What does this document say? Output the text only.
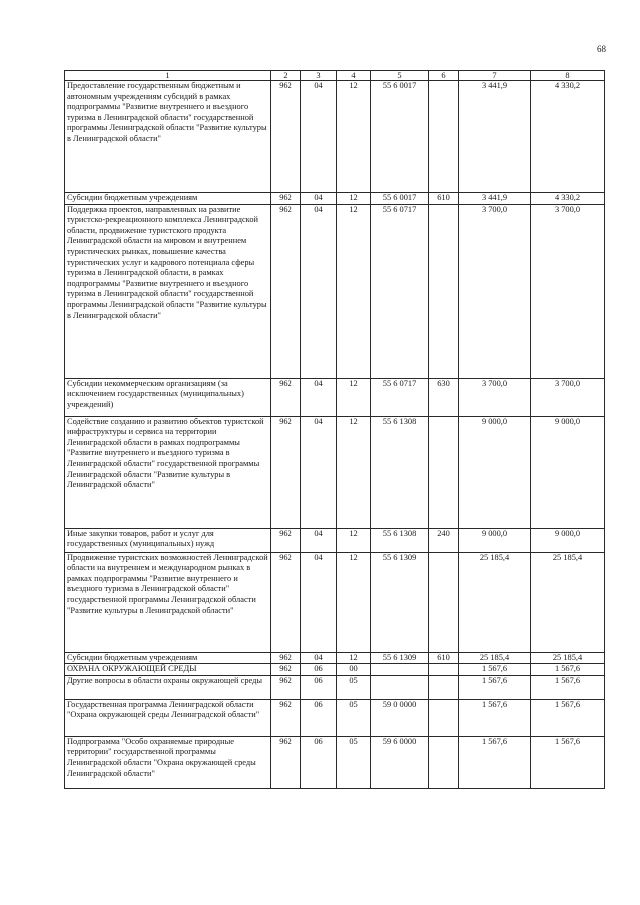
68
1	2	3	4	5	6	7	8
Предоставление государственным бюджетным и автономным учреждениям субсидий в рамках подпрограммы "Развитие внутреннего и въездного туризма в Ленинградской области" государственной программы Ленинградской области "Развитие культуры в Ленинградской области"	962	04	12	55 6 0017		3 441,9	4 330,2
Субсидии бюджетным учреждениям	962	04	12	55 6 0017	610	3 441,9	4 330,2
Поддержка проектов, направленных на развитие туристско-рекреационного комплекса Ленинградской области, продвижение туристского продукта Ленинградской области на мировом и внутреннем туристических рынках, повышение качества туристических услуг и кадрового потенциала сферы туризма в Ленинградской области, в рамках подпрограммы "Развитие внутреннего и въездного туризма в Ленинградской области" государственной программы Ленинградской области "Развитие культуры в Ленинградской области"	962	04	12	55 6 0717		3 700,0	3 700,0
Субсидии некоммерческим организациям (за исключением государственных (муниципальных) учреждений)	962	04	12	55 6 0717	630	3 700,0	3 700,0
Содействие созданию и развитию объектов туристской инфраструктуры и сервиса на территории Ленинградской области в рамках подпрограммы "Развитие внутреннего и въездного туризма в Ленинградской области" государственной программы Ленинградской области "Развитие культуры в Ленинградской области"	962	04	12	55 6 1308		9 000,0	9 000,0
Иные закупки товаров, работ и услуг для государственных (муниципальных) нужд	962	04	12	55 6 1308	240	9 000,0	9 000,0
Продвижение туристских возможностей Ленинградской области на внутреннем и международном рынках в рамках подпрограммы "Развитие внутреннего и въездного туризма в Ленинградской области" государственной программы Ленинградской области "Развитие культуры в Ленинградской области"	962	04	12	55 6 1309		25 185,4	25 185,4
Субсидии бюджетным учреждениям	962	04	12	55 6 1309	610	25 185,4	25 185,4
ОХРАНА ОКРУЖАЮЩЕЙ СРЕДЫ	962	06	00			1 567,6	1 567,6
Другие вопросы в области охраны окружающей среды	962	06	05			1 567,6	1 567,6
Государственная программа Ленинградской области "Охрана окружающей среды Ленинградской области"	962	06	05	59 0 0000		1 567,6	1 567,6
Подпрограмма "Особо охраняемые природные территории" государственной программы Ленинградской области "Охрана окружающей среды Ленинградской области"	962	06	05	59 6 0000		1 567,6	1 567,6
